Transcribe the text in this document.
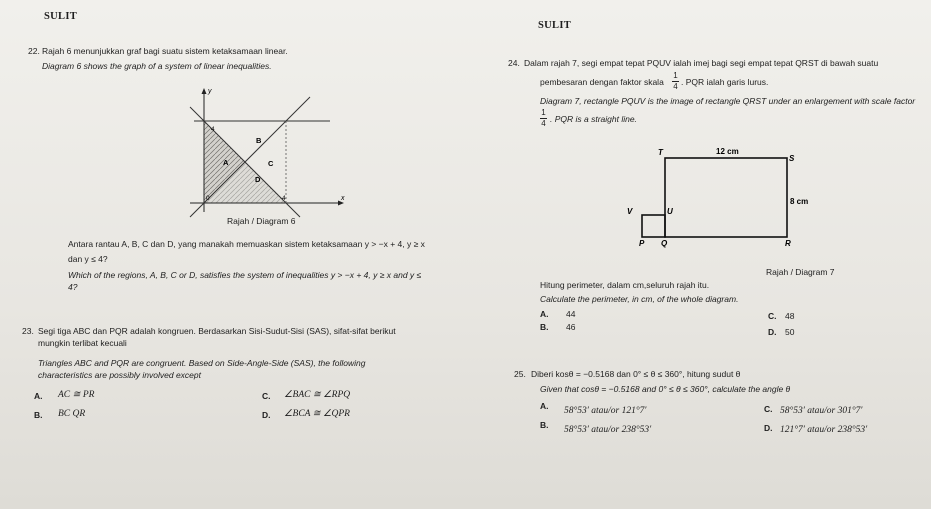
SULIT
SULIT
22. Rajah 6 menunjukkan graf bagi suatu sistem ketaksamaan linear.
Diagram 6 shows the graph of a system of linear inequalities.
y
x
0
4
4
B
A	C
D
Rajah / Diagram 6
Antara rantau A, B, C dan D, yang manakah memuaskan sistem ketaksamaan y > −x + 4, y ≥ x
dan y ≤ 4?
Which of the regions, A, B, C or D, satisfies the system of inequalities y > −x + 4, y ≥ x and y ≤
4?
23. Segi tiga ABC dan PQR adalah kongruen. Berdasarkan Sisi-Sudut-Sisi (SAS), sifat-sifat berikut
mungkin terlibat kecuali
Triangles ABC and PQR are congruent. Based on Side-Angle-Side (SAS), the following
characteristics are possibly involved except
A. AC ≅ PR
B. BC QR
C. ∠BAC ≅ ∠RPQ
D. ∠BCA ≅ ∠QPR
24. Dalam rajah 7, segi empat tepat PQUV ialah imej bagi segi empat tepat QRST di bawah suatu
pembesaran dengan faktor skala
1
4 . PQR ialah garis lurus.
Diagram 7, rectangle PQUV is the image of rectangle QRST under an enlargement with scale factor
1
4 . PQR is a straight line.
T
S
V	U
P Q	R
12 cm
8 cm
Rajah / Diagram 7
Hitung perimeter, dalam cm,seluruh rajah itu.
Calculate the perimeter, in cm, of the whole diagram.
A. 44
B. 46
C. 48
D. 50
25. Diberi kosθ = −0.5168 dan 0° ≤ θ ≤ 360°, hitung sudut θ
Given that cosθ = −0.5168 and 0° ≤ θ ≤ 360°, calculate the angle θ
A. 58°53′ atau/or 121°7′
B. 58°53′ atau/or 238°53′
C. 58°53′ atau/or 301°7′
D. 121°7′ atau/or 238°53′
